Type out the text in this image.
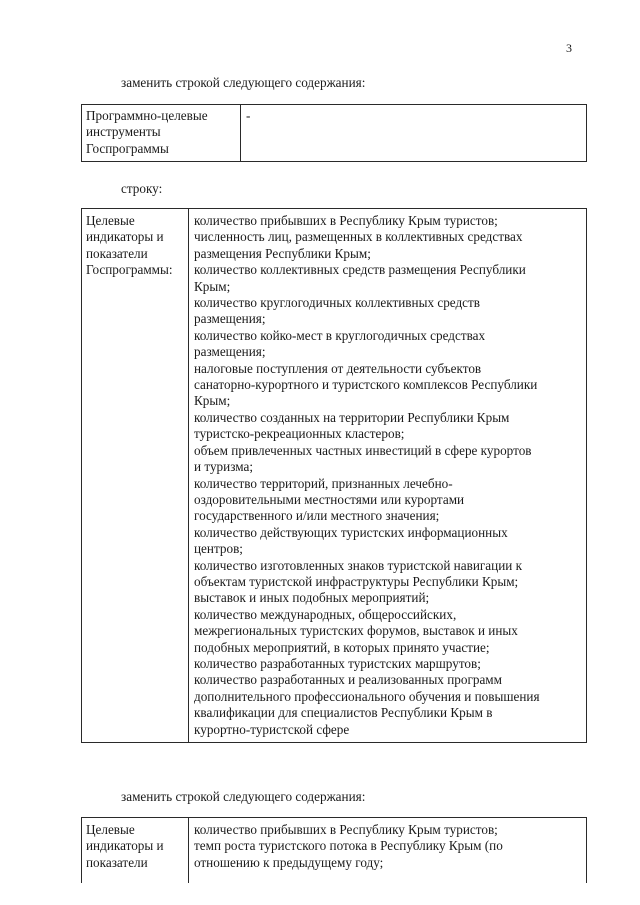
3
заменить строкой следующего содержания:
Программно-целевые
инструменты
Госпрограммы

-
строку:
Целевые
индикаторы и
показатели
Госпрограммы:

количество прибывших в Республику Крым туристов;
численность лиц, размещенных в коллективных средствах
размещения Республики Крым;
количество коллективных средств размещения Республики
Крым;
количество круглогодичных коллективных средств
размещения;
количество койко-мест в круглогодичных средствах
размещения;
налоговые поступления от деятельности субъектов
санаторно-курортного и туристского комплексов Республики
Крым;
количество созданных на территории Республики Крым
туристско-рекреационных кластеров;
объем привлеченных частных инвестиций в сфере курортов
и туризма;
количество территорий, признанных лечебно-
оздоровительными местностями или курортами
государственного и/или местного значения;
количество действующих туристских информационных
центров;
количество изготовленных знаков туристской навигации к
объектам туристской инфраструктуры Республики Крым;
выставок и иных подобных мероприятий;
количество международных, общероссийских,
межрегиональных туристских форумов, выставок и иных
подобных мероприятий, в которых принято участие;
количество разработанных туристских маршрутов;
количество разработанных и реализованных программ
дополнительного профессионального обучения и повышения
квалификации для специалистов Республики Крым в
курортно-туристской сфере
заменить строкой следующего содержания:
Целевые
индикаторы и
показатели

количество прибывших в Республику Крым туристов;
темп роста туристского потока в Республику Крым (по
отношению к предыдущему году;
